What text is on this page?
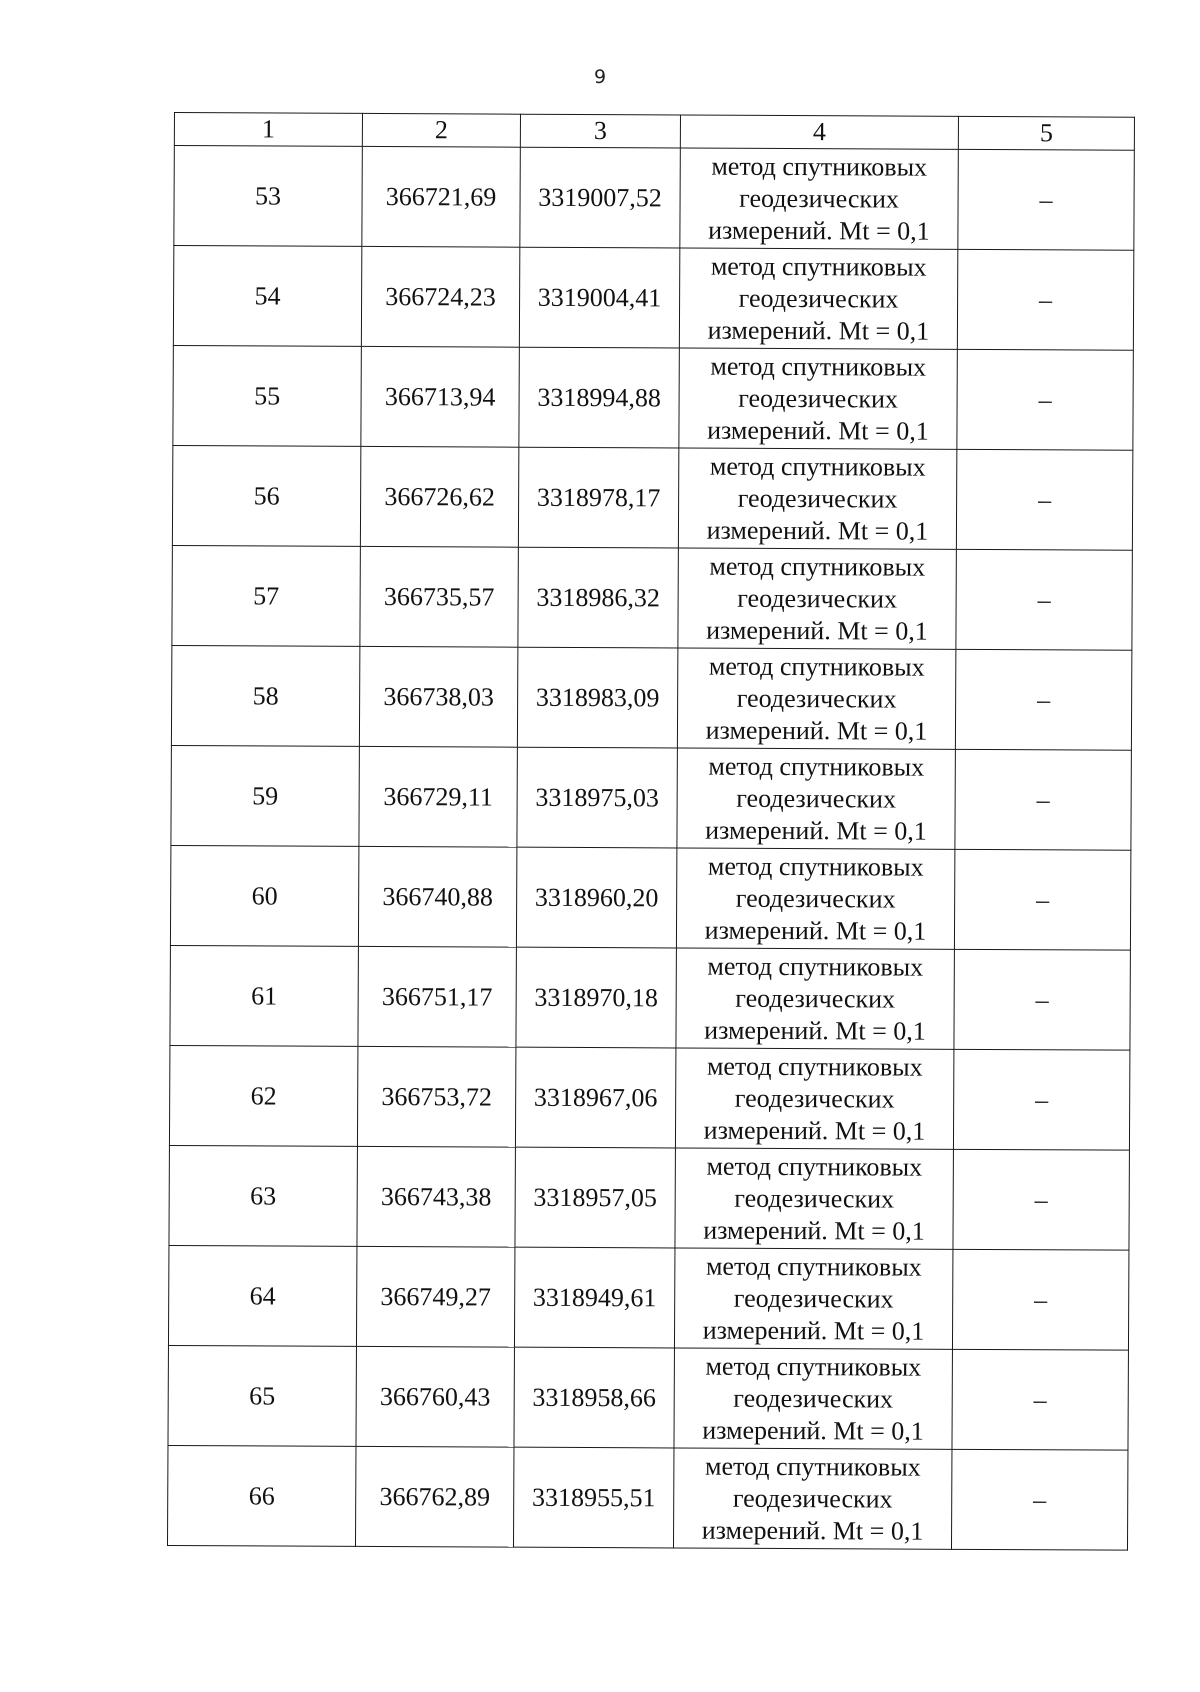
9
1	2	3	4	5
53	366721,69	3319007,52	метод спутниковых
геодезических
измерений. Mt = 0,1	–
54	366724,23	3319004,41	метод спутниковых
геодезических
измерений. Mt = 0,1	–
55	366713,94	3318994,88	метод спутниковых
геодезических
измерений. Mt = 0,1	–
56	366726,62	3318978,17	метод спутниковых
геодезических
измерений. Mt = 0,1	–
57	366735,57	3318986,32	метод спутниковых
геодезических
измерений. Mt = 0,1	–
58	366738,03	3318983,09	метод спутниковых
геодезических
измерений. Mt = 0,1	–
59	366729,11	3318975,03	метод спутниковых
геодезических
измерений. Mt = 0,1	–
60	366740,88	3318960,20	метод спутниковых
геодезических
измерений. Mt = 0,1	–
61	366751,17	3318970,18	метод спутниковых
геодезических
измерений. Mt = 0,1	–
62	366753,72	3318967,06	метод спутниковых
геодезических
измерений. Mt = 0,1	–
63	366743,38	3318957,05	метод спутниковых
геодезических
измерений. Mt = 0,1	–
64	366749,27	3318949,61	метод спутниковых
геодезических
измерений. Mt = 0,1	–
65	366760,43	3318958,66	метод спутниковых
геодезических
измерений. Mt = 0,1	–
66	366762,89	3318955,51	метод спутниковых
геодезических
измерений. Mt = 0,1	–
